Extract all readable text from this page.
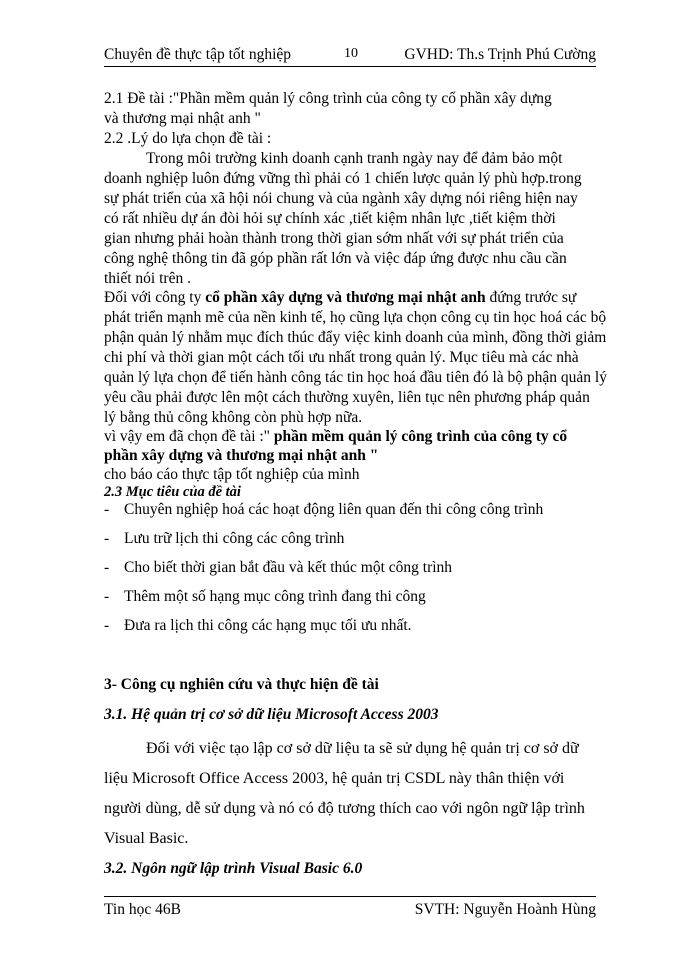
Chuyên đề thực tập tốt nghiệp	10	GVHD: Th.s Trịnh Phú Cường
2.1 Đề tài :"Phần mềm quản lý công trình của công ty cổ phần xây dựng
và thương mại nhật anh "
2.2 .Lý do lựa chọn đề tài :
Trong môi trường kinh doanh cạnh tranh ngày nay để đảm bảo một
doanh nghiệp luôn đứng vững thì phải có 1 chiến lược quản lý phù hợp.trong
sự phát triển của xã hội nói chung và của ngành xây dựng nói riêng hiện nay
có rất nhiều dự án đòi hỏi sự chính xác ,tiết kiệm nhân lực ,tiết kiệm thời
gian nhưng phải hoàn thành trong thời gian sớm nhất với sự phát triển của
công nghệ thông tin đã góp phần rất lớn và việc đáp ứng được nhu cầu cần
thiết nói trên .
Đối với công ty cổ phần xây dựng và thương mại nhật anh đứng trước sự
phát triển mạnh mẽ của nền kinh tế, họ cũng lựa chọn công cụ tin học hoá các bộ
phận quản lý nhằm mục đích thúc đẩy việc kinh doanh của mình, đồng thời giảm
chi phí và thời gian một cách tối ưu nhất trong quản lý. Mục tiêu mà các nhà
quản lý lựa chọn để tiến hành công tác tin học hoá đầu tiên đó là bộ phận quản lý
yêu cầu phải được lên một cách thường xuyên, liên tục nên phương pháp quản
lý bằng thủ công không còn phù hợp nữa.
vì vậy em đã chọn đề tài :" phần mềm quản lý công trình của công ty cổ
phần xây dựng và thương mại nhật anh "
cho báo cáo thực tập tốt nghiệp của mình
2.3 Mục tiêu của đề tài
- Chuyên nghiệp hoá các hoạt động liên quan đến thi công công trình
- Lưu trữ lịch thi công các công trình
- Cho biết thời gian bắt đầu và kết thúc một công trình
- Thêm một số hạng mục công trình đang thi công
- Đưa ra lịch thi công các hạng mục tối ưu nhất.
3- Công cụ nghiên cứu và thực hiện đề tài
3.1. Hệ quản trị cơ sở dữ liệu Microsoft Access 2003
Đối với việc tạo lập cơ sở dữ liệu ta sẽ sử dụng hệ quản trị cơ sở dữ
liệu Microsoft Office Access 2003, hệ quản trị CSDL này thân thiện với
người dùng, dễ sử dụng và nó có độ tương thích cao với ngôn ngữ lập trình
Visual Basic.
3.2. Ngôn ngữ lập trình Visual Basic 6.0
Tin học 46B	SVTH: Nguyễn Hoành Hùng
